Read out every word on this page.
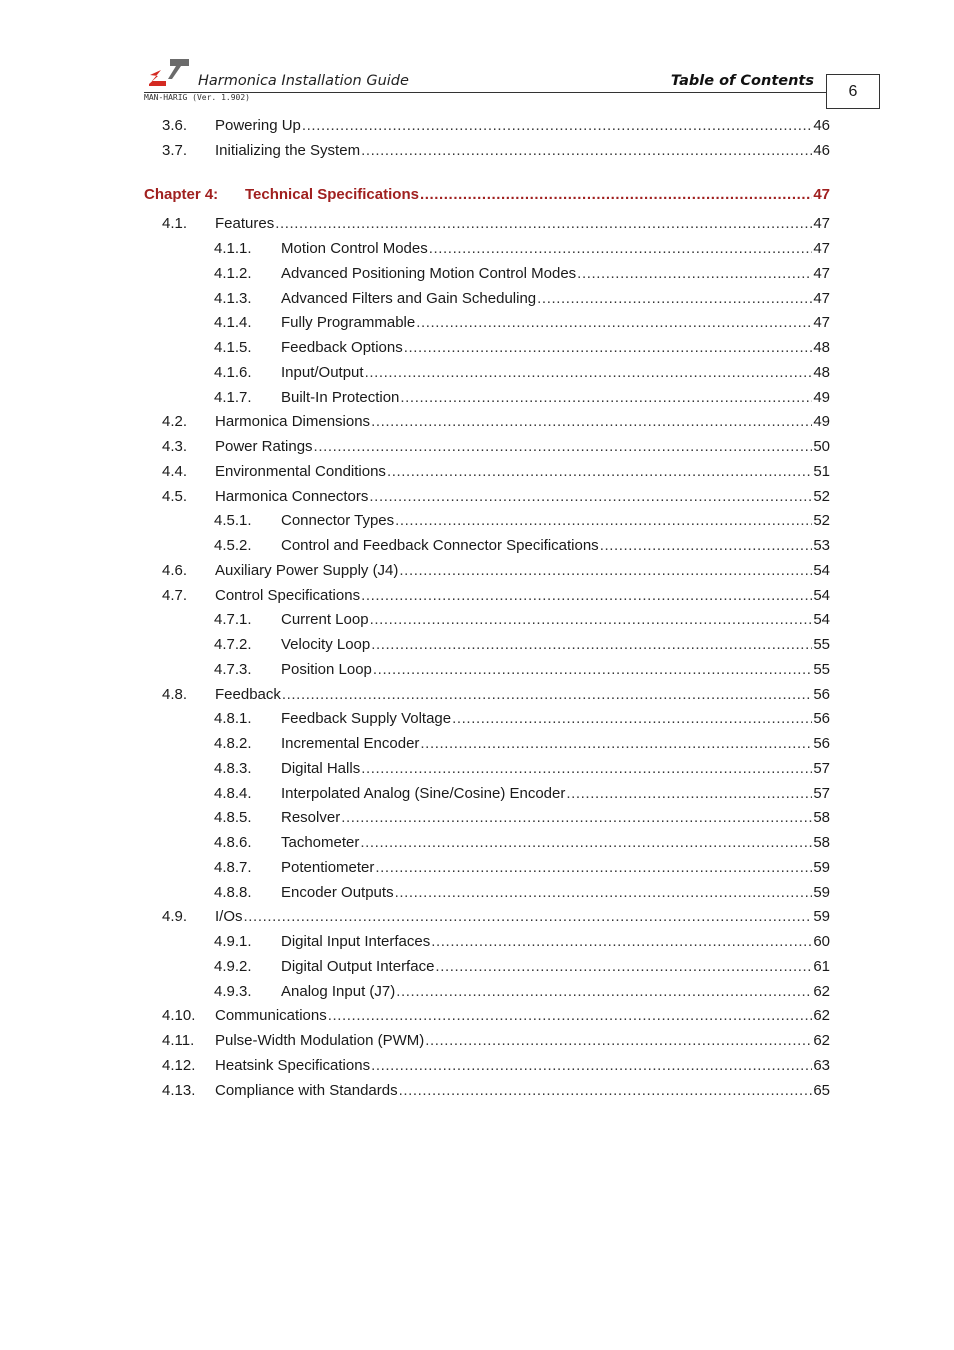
Harmonica Installation Guide	Table of Contents
MAN-HARIG (Ver. 1.902)	6
3.6.	Powering Up .....	46
3.7.	Initializing the System .....	46
Chapter 4:	Technical Specifications .....	47
4.1.	Features .....	47
4.1.1.	Motion Control Modes .....	47
4.1.2.	Advanced Positioning Motion Control Modes .....	47
4.1.3.	Advanced Filters and Gain Scheduling .....	47
4.1.4.	Fully Programmable .....	47
4.1.5.	Feedback Options .....	48
4.1.6.	Input/Output .....	48
4.1.7.	Built-In Protection .....	49
4.2.	Harmonica Dimensions .....	49
4.3.	Power Ratings .....	50
4.4.	Environmental Conditions .....	51
4.5.	Harmonica Connectors .....	52
4.5.1.	Connector Types .....	52
4.5.2.	Control and Feedback Connector Specifications .....	53
4.6.	Auxiliary Power Supply (J4) .....	54
4.7.	Control Specifications .....	54
4.7.1.	Current Loop .....	54
4.7.2.	Velocity Loop .....	55
4.7.3.	Position Loop .....	55
4.8.	Feedback .....	56
4.8.1.	Feedback Supply Voltage .....	56
4.8.2.	Incremental Encoder .....	56
4.8.3.	Digital Halls .....	57
4.8.4.	Interpolated Analog (Sine/Cosine) Encoder .....	57
4.8.5.	Resolver .....	58
4.8.6.	Tachometer .....	58
4.8.7.	Potentiometer .....	59
4.8.8.	Encoder Outputs .....	59
4.9.	I/Os .....	59
4.9.1.	Digital Input Interfaces .....	60
4.9.2.	Digital Output Interface .....	61
4.9.3.	Analog Input (J7) .....	62
4.10.	Communications .....	62
4.11.	Pulse-Width Modulation (PWM) .....	62
4.12.	Heatsink Specifications .....	63
4.13.	Compliance with Standards .....	65
